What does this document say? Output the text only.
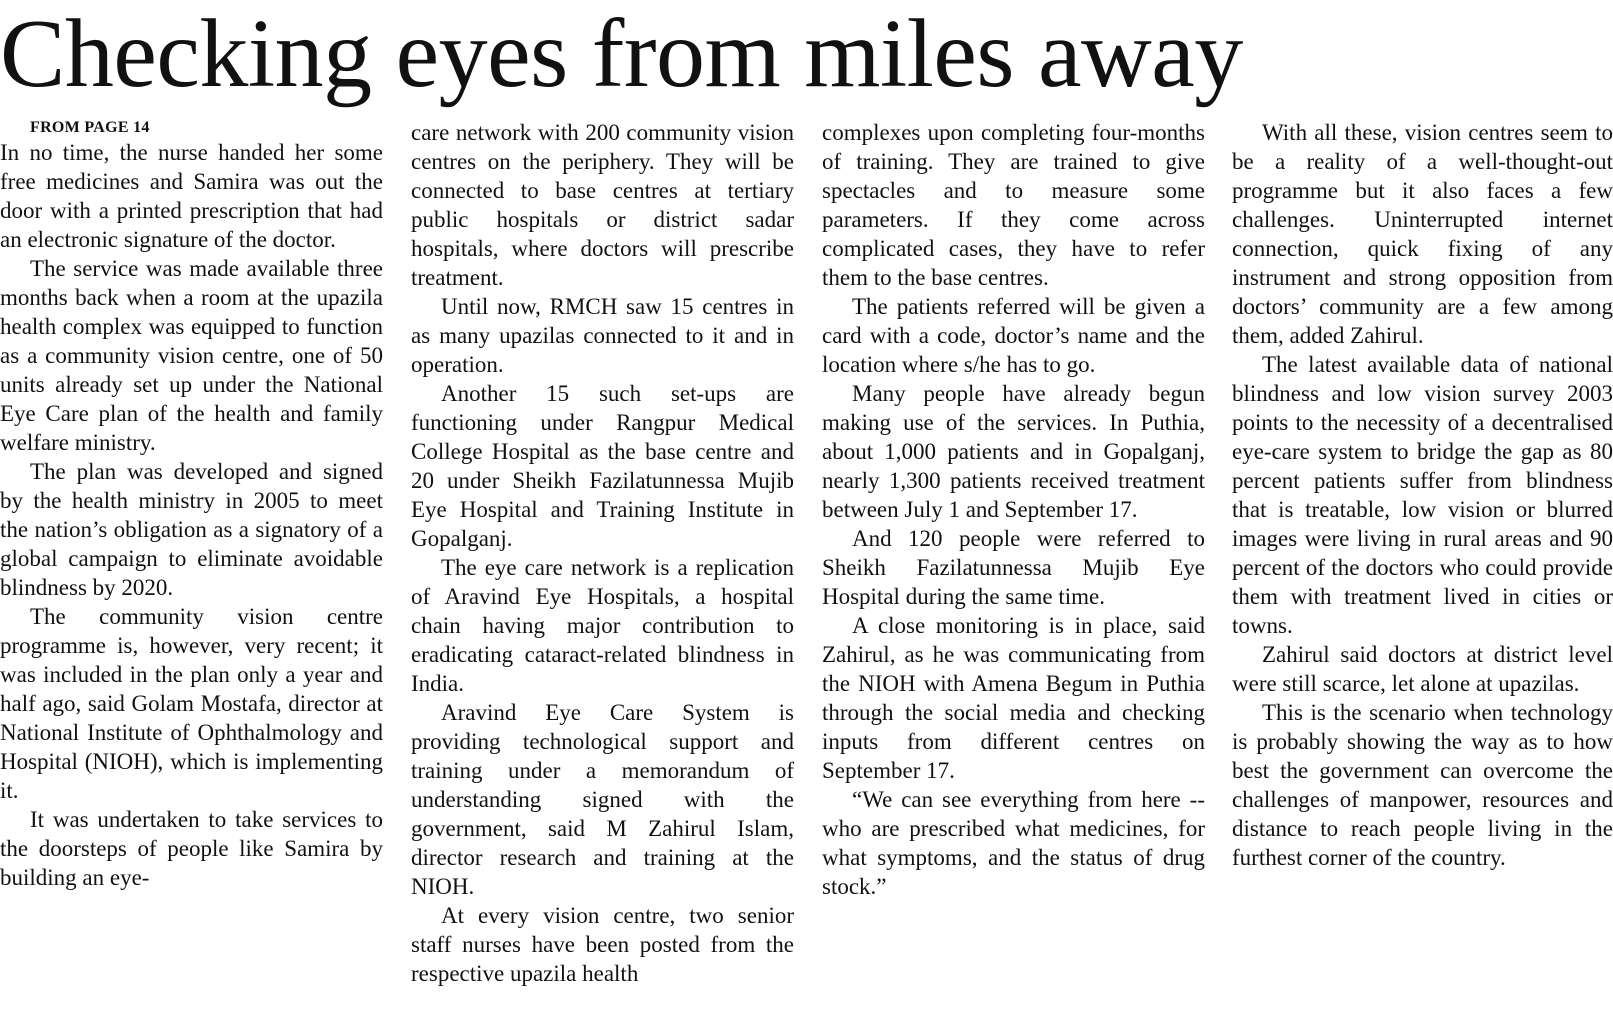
Checking eyes from miles away

FROM PAGE 14

In no time, the nurse handed her some free medicines and Samira was out the door with a printed prescription that had an electronic signature of the doctor.

The service was made available three months back when a room at the upazila health complex was equipped to function as a community vision centre, one of 50 units already set up under the National Eye Care plan of the health and family welfare ministry.

The plan was developed and signed by the health ministry in 2005 to meet the nation’s obligation as a signatory of a global campaign to eliminate avoidable blindness by 2020.

The community vision centre programme is, however, very recent; it was included in the plan only a year and half ago, said Golam Mostafa, director at National Institute of Ophthalmology and Hospital (NIOH), which is implementing it.

It was undertaken to take services to the doorsteps of people like Samira by building an eye-

care network with 200 community vision centres on the periphery. They will be connected to base centres at tertiary public hospitals or district sadar hospitals, where doctors will prescribe treatment.

Until now, RMCH saw 15 centres in as many upazilas connected to it and in operation.

Another 15 such set-ups are functioning under Rangpur Medical College Hospital as the base centre and 20 under Sheikh Fazilatunnessa Mujib Eye Hospital and Training Institute in Gopalganj.

The eye care network is a replication of Aravind Eye Hospitals, a hospital chain having major contribution to eradicating cataract-related blindness in India.

Aravind Eye Care System is providing technological support and training under a memorandum of understanding signed with the government, said M Zahirul Islam, director research and training at the NIOH.

At every vision centre, two senior staff nurses have been posted from the respective upazila health

complexes upon completing four-months of training. They are trained to give spectacles and to measure some parameters. If they come across complicated cases, they have to refer them to the base centres.

The patients referred will be given a card with a code, doctor’s name and the location where s/he has to go.

Many people have already begun making use of the services. In Puthia, about 1,000 patients and in Gopalganj, nearly 1,300 patients received treatment between July 1 and September 17.

And 120 people were referred to Sheikh Fazilatunnessa Mujib Eye Hospital during the same time.

A close monitoring is in place, said Zahirul, as he was communicating from the NIOH with Amena Begum in Puthia through the social media and checking inputs from different centres on September 17.

“We can see everything from here -- who are prescribed what medicines, for what symptoms, and the status of drug stock.”

With all these, vision centres seem to be a reality of a well-thought-out programme but it also faces a few challenges. Uninterrupted internet connection, quick fixing of any instrument and strong opposition from doctors’ community are a few among them, added Zahirul.

The latest available data of national blindness and low vision survey 2003 points to the necessity of a decentralised eye-care system to bridge the gap as 80 percent patients suffer from blindness that is treatable, low vision or blurred images were living in rural areas and 90 percent of the doctors who could provide them with treatment lived in cities or towns.

Zahirul said doctors at district level were still scarce, let alone at upazilas.

This is the scenario when technology is probably showing the way as to how best the government can overcome the challenges of manpower, resources and distance to reach people living in the furthest corner of the country.
